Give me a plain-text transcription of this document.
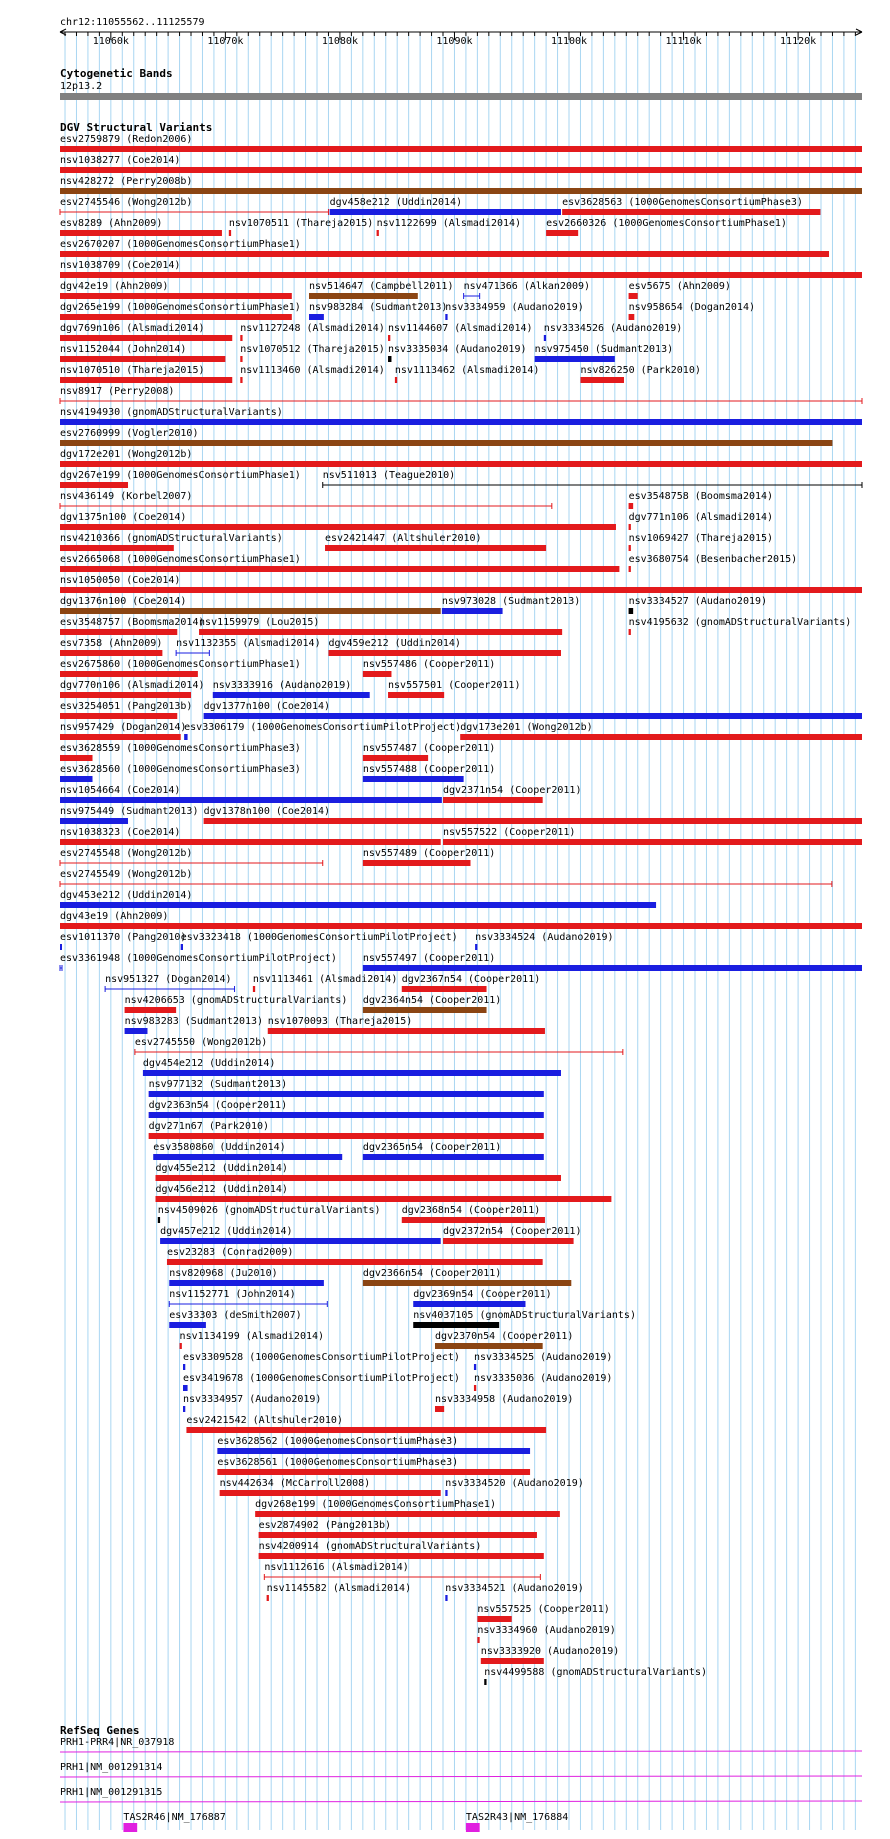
chr12:11055562..11125579
11060k	11070k	11080k	11090k	11100k	11110k	11120k
Cytogenetic Bands
12p13.2
DGV Structural Variants
esv2759879 (Redon2006)
nsv1038277 (Coe2014)
nsv428272 (Perry2008b)
esv2745546 (Wong2012b)	dgv458e212 (Uddin2014)	esv3628563 (1000GenomesConsortiumPhase3)
esv8289 (Ahn2009)	nsv1070511 (Thareja2015) nsv1122699 (Alsmadi2014)	esv2660326 (1000GenomesConsortiumPhase1)
esv2670207 (1000GenomesConsortiumPhase1)
nsv1038709 (Coe2014)
dgv42e19 (Ahn2009)	nsv514647 (Campbell2011) nsv471366 (Alkan2009)	esv5675 (Ahn2009)
dgv265e199 (1000GenomesConsortiumPhase1) nsv983284 (Sudmant2013)
nsv3334959 (Audano2019)	nsv958654 (Dogan2014)
dgv769n106 (Alsmadi2014)	nsv1127248 (Alsmadi2014) nsv1144607 (Alsmadi2014) nsv3334526 (Audano2019)
nsv1152044 (John2014)	nsv1070512 (Thareja2015) nsv3335034 (Audano2019) nsv975450 (Sudmant2013)
nsv1070510 (Thareja2015)	nsv1113460 (Alsmadi2014) nsv1113462 (Alsmadi2014)	nsv826250 (Park2010)
nsv8917 (Perry2008)
nsv4194930 (gnomADStructuralVariants)
esv2760999 (Vogler2010)
dgv172e201 (Wong2012b)
dgv267e199 (1000GenomesConsortiumPhase1) nsv511013 (Teague2010)
nsv436149 (Korbel2007)	esv3548758 (Boomsma2014)
dgv1375n100 (Coe2014)	dgv771n106 (Alsmadi2014)
nsv4210366 (gnomADStructuralVariants)	esv2421447 (Altshuler2010)	nsv1069427 (Thareja2015)
esv2665068 (1000GenomesConsortiumPhase1)	esv3680754 (Besenbacher2015)
nsv1050050 (Coe2014)
dgv1376n100 (Coe2014)	nsv973028 (Sudmant2013)	nsv3334527 (Audano2019)
esv3548757 (Boomsma2014)
nsv1159979 (Lou2015)	nsv4195632 (gnomADStructuralVariants)
esv7358 (Ahn2009) nsv1132355 (Alsmadi2014) dgv459e212 (Uddin2014)
esv2675860 (1000GenomesConsortiumPhase1)	nsv557486 (Cooper2011)
dgv770n106 (Alsmadi2014) nsv3333916 (Audano2019)	nsv557501 (Cooper2011)
esv3254051 (Pang2013b) dgv1377n100 (Coe2014)
nsv957429 (Dogan2014)
esv3306179 (1000GenomesConsortiumPilotProject) dgv173e201 (Wong2012b)
esv3628559 (1000GenomesConsortiumPhase3)	nsv557487 (Cooper2011)
esv3628560 (1000GenomesConsortiumPhase3)	nsv557488 (Cooper2011)
nsv1054664 (Coe2014)	dgv2371n54 (Cooper2011)
nsv975449 (Sudmant2013) dgv1378n100 (Coe2014)
nsv1038323 (Coe2014)	nsv557522 (Cooper2011)
esv2745548 (Wong2012b)	nsv557489 (Cooper2011)
esv2745549 (Wong2012b)
dgv453e212 (Uddin2014)
dgv43e19 (Ahn2009)
esv1011370 (Pang2010)
esv3323418 (1000GenomesConsortiumPilotProject) nsv3334524 (Audano2019)
esv3361948 (1000GenomesConsortiumPilotProject)	nsv557497 (Cooper2011)
nsv951327 (Dogan2014) nsv1113461 (Alsmadi2014) dgv2367n54 (Cooper2011)
nsv4206653 (gnomADStructuralVariants) dgv2364n54 (Cooper2011)
nsv983283 (Sudmant2013) nsv1070093 (Thareja2015)
esv2745550 (Wong2012b)
dgv454e212 (Uddin2014)
nsv977132 (Sudmant2013)
dgv2363n54 (Cooper2011)
dgv271n67 (Park2010)
esv3580860 (Uddin2014)	dgv2365n54 (Cooper2011)
dgv455e212 (Uddin2014)
dgv456e212 (Uddin2014)
nsv4509026 (gnomADStructuralVariants) dgv2368n54 (Cooper2011)
dgv457e212 (Uddin2014)	dgv2372n54 (Cooper2011)
esv23283 (Conrad2009)
nsv820968 (Ju2010)	dgv2366n54 (Cooper2011)
nsv1152771 (John2014)	dgv2369n54 (Cooper2011)
esv33303 (deSmith2007)	nsv4037105 (gnomADStructuralVariants)
nsv1134199 (Alsmadi2014)	dgv2370n54 (Cooper2011)
esv3309528 (1000GenomesConsortiumPilotProject) nsv3334525 (Audano2019)
esv3419678 (1000GenomesConsortiumPilotProject) nsv3335036 (Audano2019)
nsv3334957 (Audano2019)	nsv3334958 (Audano2019)
esv2421542 (Altshuler2010)
esv3628562 (1000GenomesConsortiumPhase3)
esv3628561 (1000GenomesConsortiumPhase3)
nsv442634 (McCarroll2008)	nsv3334520 (Audano2019)
dgv268e199 (1000GenomesConsortiumPhase1)
esv2874902 (Pang2013b)
nsv4200914 (gnomADStructuralVariants)
nsv1112616 (Alsmadi2014)
nsv1145582 (Alsmadi2014)	nsv3334521 (Audano2019)
nsv557525 (Cooper2011)
nsv3334960 (Audano2019)
nsv3333920 (Audano2019)
nsv4499588 (gnomADStructuralVariants)
RefSeq Genes
PRH1-PRR4|NR_037918
PRH1|NM_001291314
PRH1|NM_001291315
TAS2R46|NM_176887	TAS2R43|NM_176884
